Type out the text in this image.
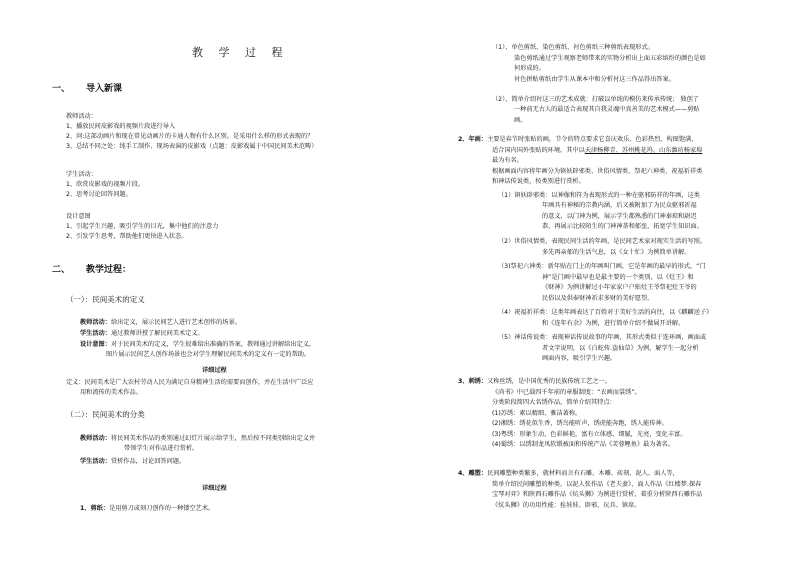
教 学 过 程
一、 导入新课
教师活动：
1、播放民间皮影戏的视频片段进行导入
2、问:这部动画片和现在常见动画片的卡通人物有什么区别。是采用什么样的形式表现的？
3、总结不同之处：纯手工制作、现场表演的皮影戏（点题：皮影戏属于中国民间美术范畴）
学生活动：
1、欣赏皮影戏的视频片段。
2、思考讨论回答问题。
设计意图
1、引起学生兴趣，吸引学生的目光，集中他们的注意力
2、引发学生思考，帮助他们更快进入状态。
二、 教学过程：
（一）：民间美术的定义
教师活动：给出定义，展示民间艺人进行艺术创作的场景。
学生活动：通过教师讲授了解民间美术定义。
设计意图：对于民间美术的定义，学生很难给出准确的答案，教师通过讲解给出定义，
图片展示民间艺人创作场景也会对学生理解民间美术的定义有一定的帮助。
详细过程
定义：民间美术是广大农村劳动人民为满足自身精神生活的需要而创作，并在生活中广泛应
用和流传的美术作品。
（二）：民间美术的分类
教师活动：将民间美术作品的类别通过幻灯片展示给学生，然后按不同类别给出定义并
带领学生对作品进行赏析。
学生活动：赏析作品，讨论回答问题。
详细过程
1、剪纸：是用剪刀或刻刀创作的一种镂空艺术。
（1）、单色剪纸、染色剪纸、衬色剪纸三种剪纸表现形式。
染色剪纸通过学生观察老师带来的实物分析出上面五彩缤纷的颜色是如
何形成的。
衬色拼贴剪纸由学生从课本中和分析衬这三作品得出答案。
（2）、简单介绍衬这三的艺术成就：打破以单纯的模仿来传承传统； 独创了
一种前无古人的最适合表现其自我灵魂中真善美的艺术模式——剪贴
画。
2、年画：主要是春节时张贴的画，节令的特点要求它喜庆欢乐、色彩热烈、构图饱满，
适合国内国外张贴的环境。其中以天津杨柳青、苏州桃花坞、山东潍坊杨家埠
最为有名。
根据画面内容将年画分为镇妖辟邪类、世俗风情类、祭祀六神类、祝福祈祥类
和神话传说类，按类别进行赏析。
（1）镇妖辟邪类：以神像和符为表现形式的一种在驱邪防祥的年画，这类
年画具有神秘的宗教内涵，后又被附加了为民众驱邪祈福
的意义，以门神为例，展示学生都熟悉的门神秦琼和尉迟
恭，再展示比较陌生的门神神荼和郁垒，拓宽学生知识面。
（2）世俗风情类，表现民间生活的年画，是民间艺术家对现实生活的写照。
多先再亲郁的生活气息，以《女十忙》为例简单讲解。
（3)祭祀六神类：新年贴在门上的年画叫门画，它是年画的最早的形式，“门
神”是门画中最早也是最主要的一个类别，以《灶王》和
《财神》为例讲解过小年家家户户贴灶王爷祭祀灶王爷的
民俗以及供奉财神祈求多财的美好愿望。
（4）祝福祈祥类：这类年画表达了百姓对于美好生活的向往，以《麒麟送子》
和《连年有余》为例，进行简单介绍不做展开讲解。
（5）神话传说类：表现神话传说故事的年画，其形式类似于连环画，画面或
者文字说明，以《白蛇传.盗仙草》为例，解学生一起分析
画面内容，吸引学生兴趣。
3、刺绣：又称丝绣，是中国优秀的民族传统工艺之一。
《尚书》中已载四千年前的章服制度：“衣画而裳绣”。
分类阶段简四大名绣作品，简单介绍其特点：
(1)苏绣：素以精细、雅洁著称。
(2)湘绣：绣花似生香，绣鸟能听声，绣虎能奔跑，绣人能传神。
(3)粤绣：形象生动，色彩鲜艳，富有立体感，细腻，光亮，变化丰富。
(4)蜀绣：以绣制龙凤软缎被面和传统产品《芙蓉鲤鱼》最为著名。
4、雕塑：民间雕塑种类繁多，就材料而言有石雕、木雕、砖刻、泥人、面人等，
简单介绍民间雕塑的种类，以泥人张作品《老夫妻》、面人作品《红楼梦.探春
宝琴对弈》和陕西石雕作品《炕头狮》为例进行赏析，着重分析陕西石雕作品
《炕头狮》的功用性能：拴娃娃、辟邪、玩具、镇席。
